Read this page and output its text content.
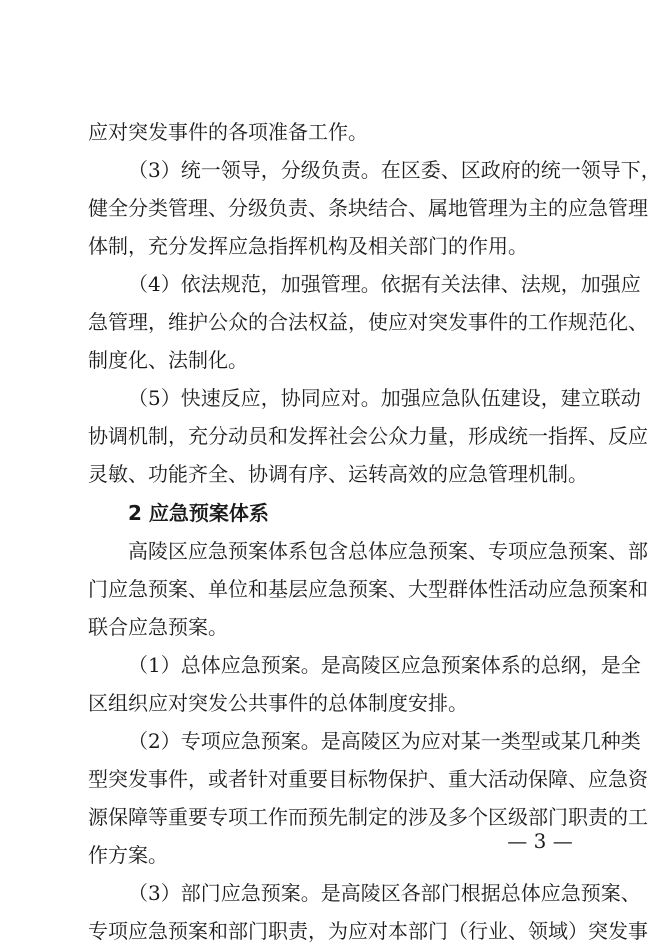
应对突发事件的各项准备工作。
（3）统一领导，分级负责。在区委、区政府的统一领导下，
健全分类管理、分级负责、条块结合、属地管理为主的应急管理
体制，充分发挥应急指挥机构及相关部门的作用。
（4）依法规范，加强管理。依据有关法律、法规，加强应
急管理，维护公众的合法权益，使应对突发事件的工作规范化、
制度化、法制化。
（5）快速反应，协同应对。加强应急队伍建设，建立联动
协调机制，充分动员和发挥社会公众力量，形成统一指挥、反应
灵敏、功能齐全、协调有序、运转高效的应急管理机制。
2 应急预案体系
高陵区应急预案体系包含总体应急预案、专项应急预案、部
门应急预案、单位和基层应急预案、大型群体性活动应急预案和
联合应急预案。
（1）总体应急预案。是高陵区应急预案体系的总纲，是全
区组织应对突发公共事件的总体制度安排。
（2）专项应急预案。是高陵区为应对某一类型或某几种类
型突发事件，或者针对重要目标物保护、重大活动保障、应急资
源保障等重要专项工作而预先制定的涉及多个区级部门职责的工
作方案。
（3）部门应急预案。是高陵区各部门根据总体应急预案、
专项应急预案和部门职责，为应对本部门（行业、领域）突发事
— 3 —
